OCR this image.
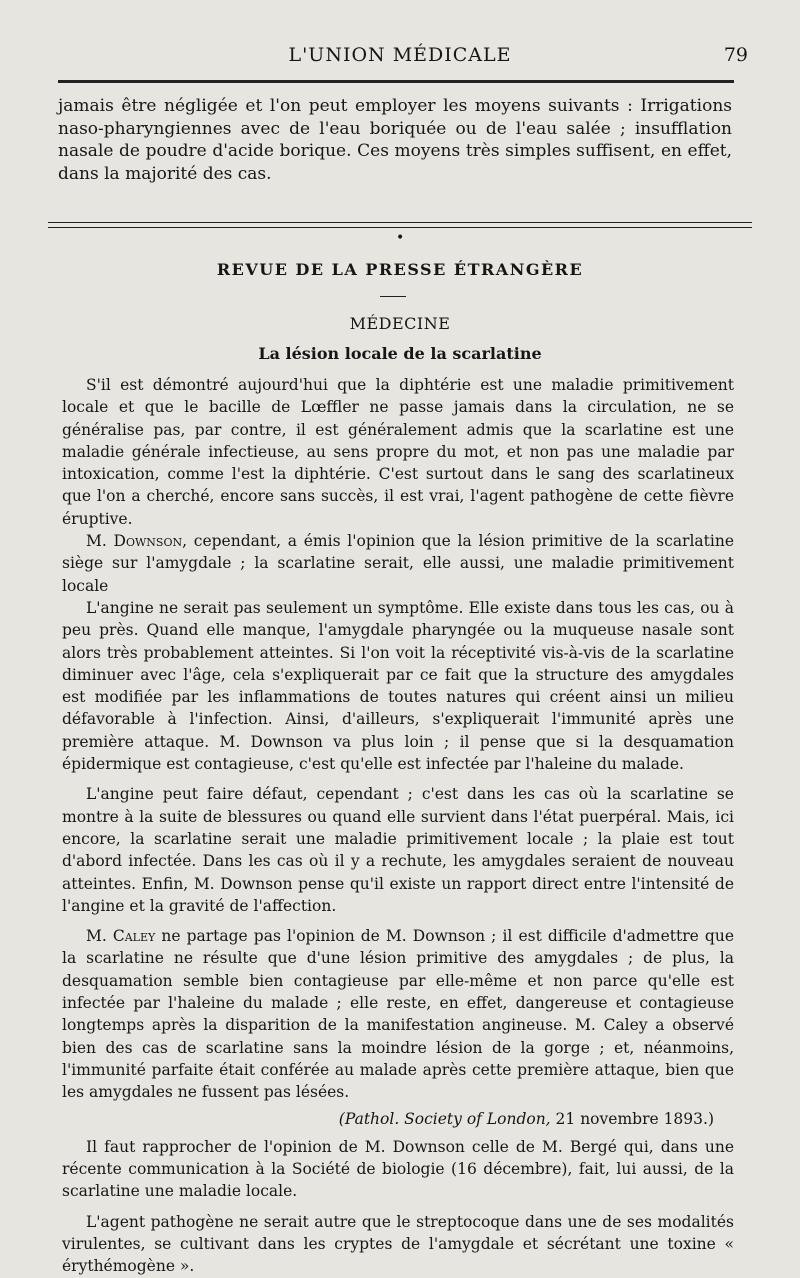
L'UNION MÉDICALE	79
jamais être négligée et l'on peut employer les moyens suivants : Irrigations naso-pharyngiennes avec de l'eau boriquée ou de l'eau salée ; insufflation nasale de poudre d'acide borique. Ces moyens très simples suffisent, en effet, dans la majorité des cas.
•
REVUE DE LA PRESSE ÉTRANGÈRE
MÉDECINE
La lésion locale de la scarlatine

S'il est démontré aujourd'hui que la diphtérie est une maladie primitivement locale et que le bacille de Lœffler ne passe jamais dans la circulation, ne se généralise pas, par contre, il est généralement admis que la scarlatine est une maladie générale infectieuse, au sens propre du mot, et non pas une maladie par intoxication, comme l'est la diphtérie. C'est surtout dans le sang des scarlatineux que l'on a cherché, encore sans succès, il est vrai, l'agent pathogène de cette fièvre éruptive.

M. Downson, cependant, a émis l'opinion que la lésion primitive de la scarlatine siège sur l'amygdale ; la scarlatine serait, elle aussi, une maladie primitivement locale

L'angine ne serait pas seulement un symptôme. Elle existe dans tous les cas, ou à peu près. Quand elle manque, l'amygdale pharyngée ou la muqueuse nasale sont alors très probablement atteintes. Si l'on voit la réceptivité vis-à-vis de la scarlatine diminuer avec l'âge, cela s'expliquerait par ce fait que la structure des amygdales est modifiée par les inflammations de toutes natures qui créent ainsi un milieu défavorable à l'infection. Ainsi, d'ailleurs, s'expliquerait l'immunité après une première attaque. M. Downson va plus loin ; il pense que si la desquamation épidermique est contagieuse, c'est qu'elle est infectée par l'haleine du malade.

L'angine peut faire défaut, cependant ; c'est dans les cas où la scarlatine se montre à la suite de blessures ou quand elle survient dans l'état puerpéral. Mais, ici encore, la scarlatine serait une maladie primitivement locale ; la plaie est tout d'abord infectée. Dans les cas où il y a rechute, les amygdales seraient de nouveau atteintes. Enfin, M. Downson pense qu'il existe un rapport direct entre l'intensité de l'angine et la gravité de l'affection.

M. Caley ne partage pas l'opinion de M. Downson ; il est difficile d'admettre que la scarlatine ne résulte que d'une lésion primitive des amygdales ; de plus, la desquamation semble bien contagieuse par elle-même et non parce qu'elle est infectée par l'haleine du malade ; elle reste, en effet, dangereuse et contagieuse longtemps après la disparition de la manifestation angineuse. M. Caley a observé bien des cas de scarlatine sans la moindre lésion de la gorge ; et, néanmoins, l'immunité parfaite était conférée au malade après cette première attaque, bien que les amygdales ne fussent pas lésées.

(Pathol. Society of London, 21 novembre 1893.)

Il faut rapprocher de l'opinion de M. Downson celle de M. Bergé qui, dans une récente communication à la Société de biologie (16 décembre), fait, lui aussi, de la scarlatine une maladie locale.

L'agent pathogène ne serait autre que le streptocoque dans une de ses modalités virulentes, se cultivant dans les cryptes de l'amygdale et sécrétant une toxine « érythémogène ».
